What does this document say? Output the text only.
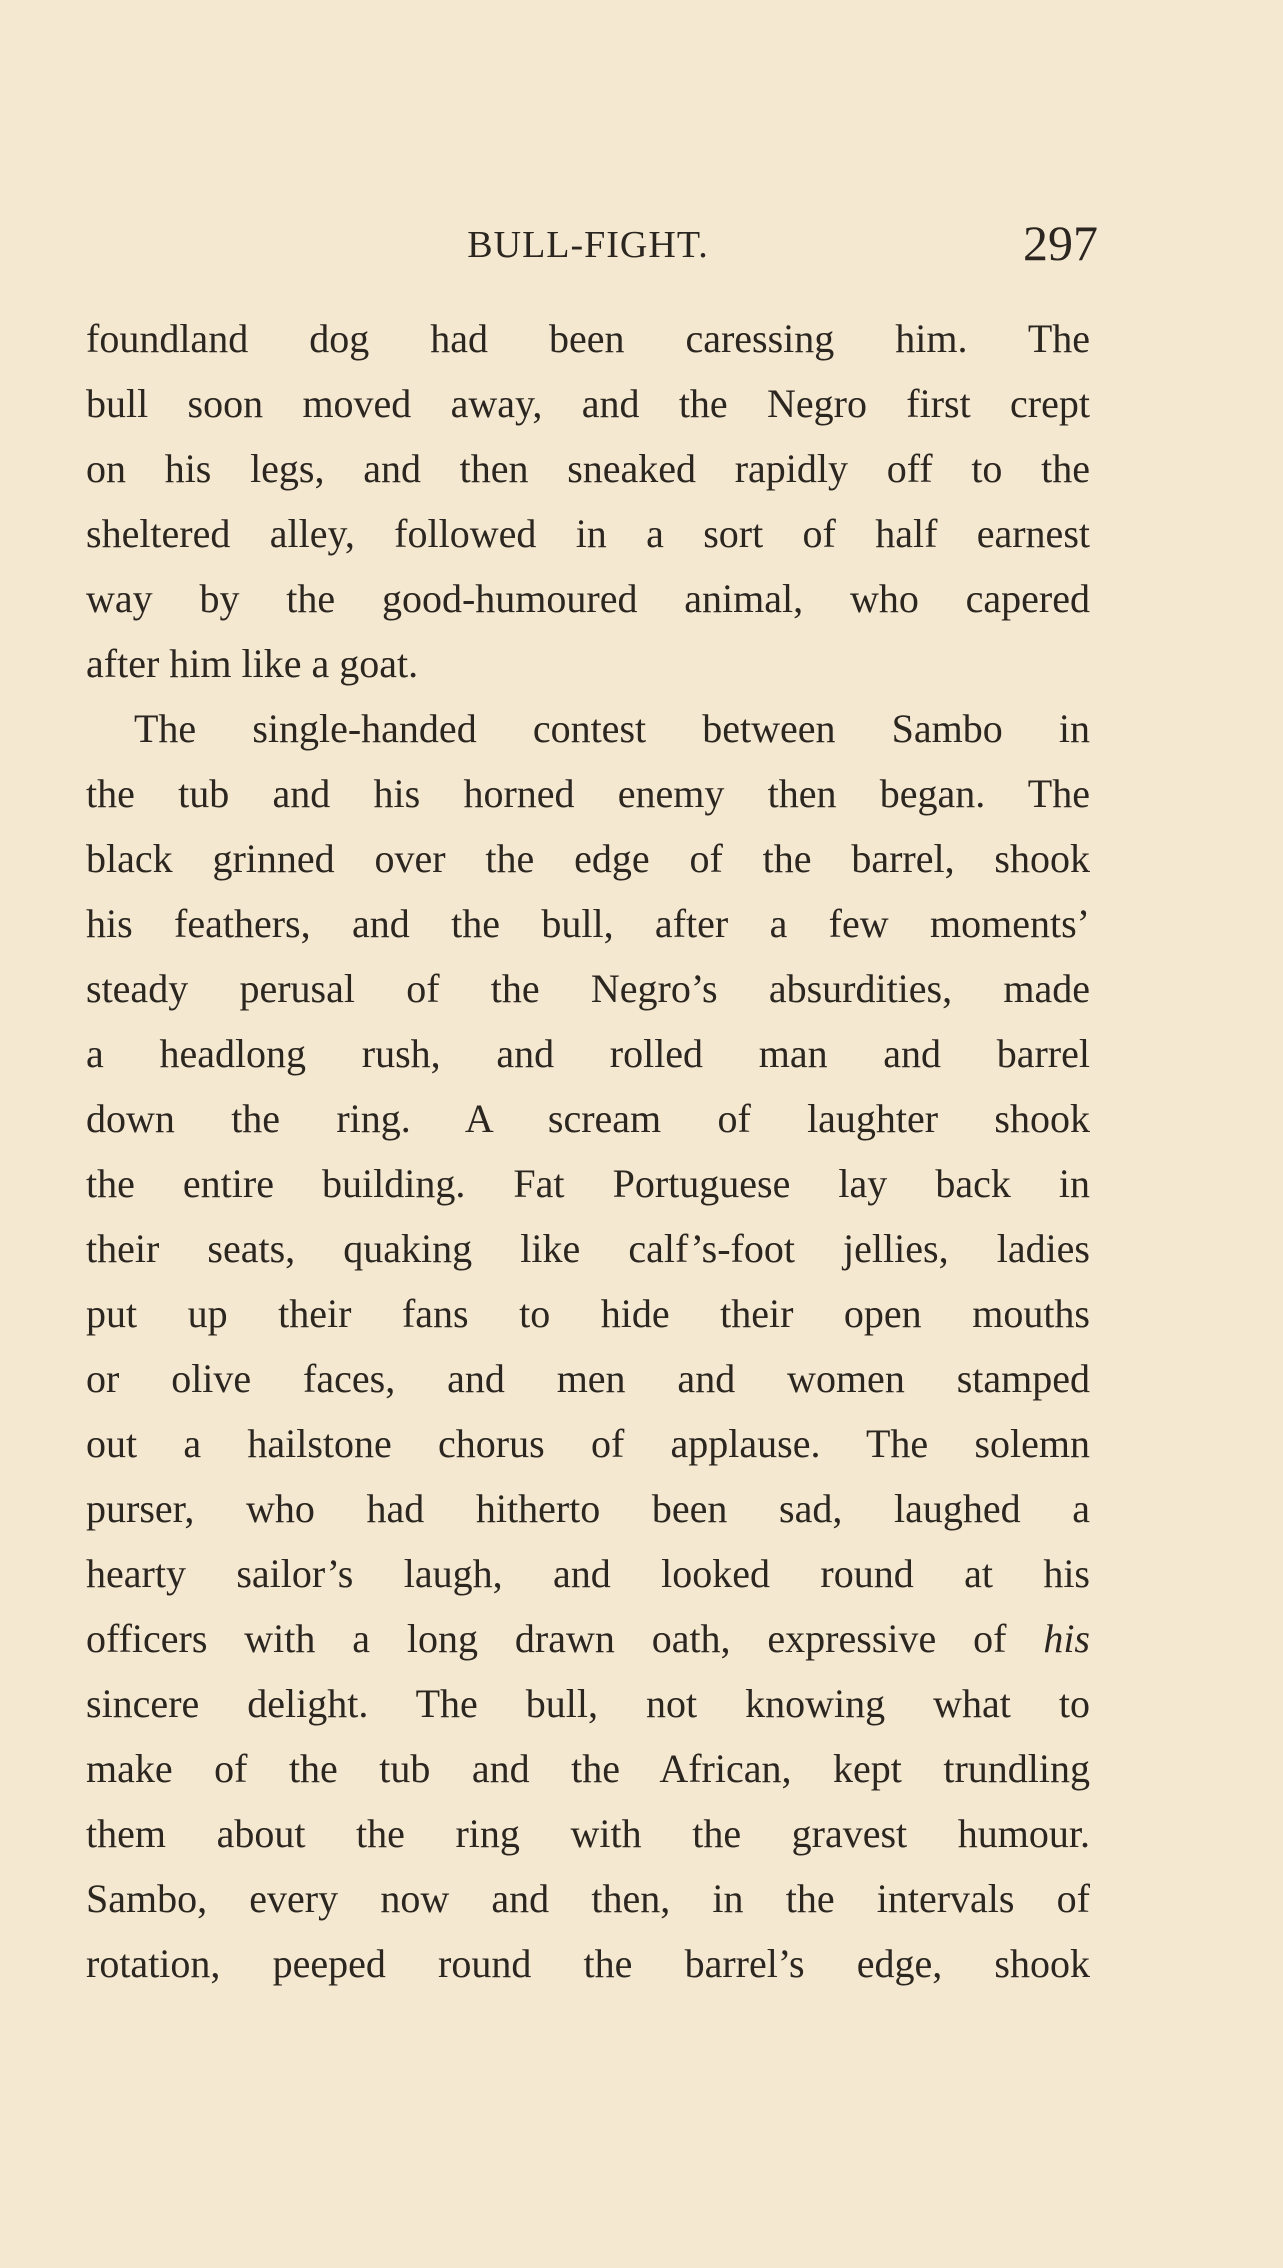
BULL-FIGHT.	297
foundland dog had been caressing him. The
bull soon moved away, and the Negro first crept
on his legs, and then sneaked rapidly off to the
sheltered alley, followed in a sort of half earnest
way by the good-humoured animal, who capered
after him like a goat.
The single-handed contest between Sambo in
the tub and his horned enemy then began. The
black grinned over the edge of the barrel, shook
his feathers, and the bull, after a few moments’
steady perusal of the Negro’s absurdities, made
a headlong rush, and rolled man and barrel
down the ring. A scream of laughter shook
the entire building. Fat Portuguese lay back in
their seats, quaking like calf’s-foot jellies, ladies
put up their fans to hide their open mouths
or olive faces, and men and women stamped
out a hailstone chorus of applause. The solemn
purser, who had hitherto been sad, laughed a
hearty sailor’s laugh, and looked round at his
officers with a long drawn oath, expressive of his
sincere delight. The bull, not knowing what to
make of the tub and the African, kept trundling
them about the ring with the gravest humour.
Sambo, every now and then, in the intervals of
rotation, peeped round the barrel’s edge, shook
